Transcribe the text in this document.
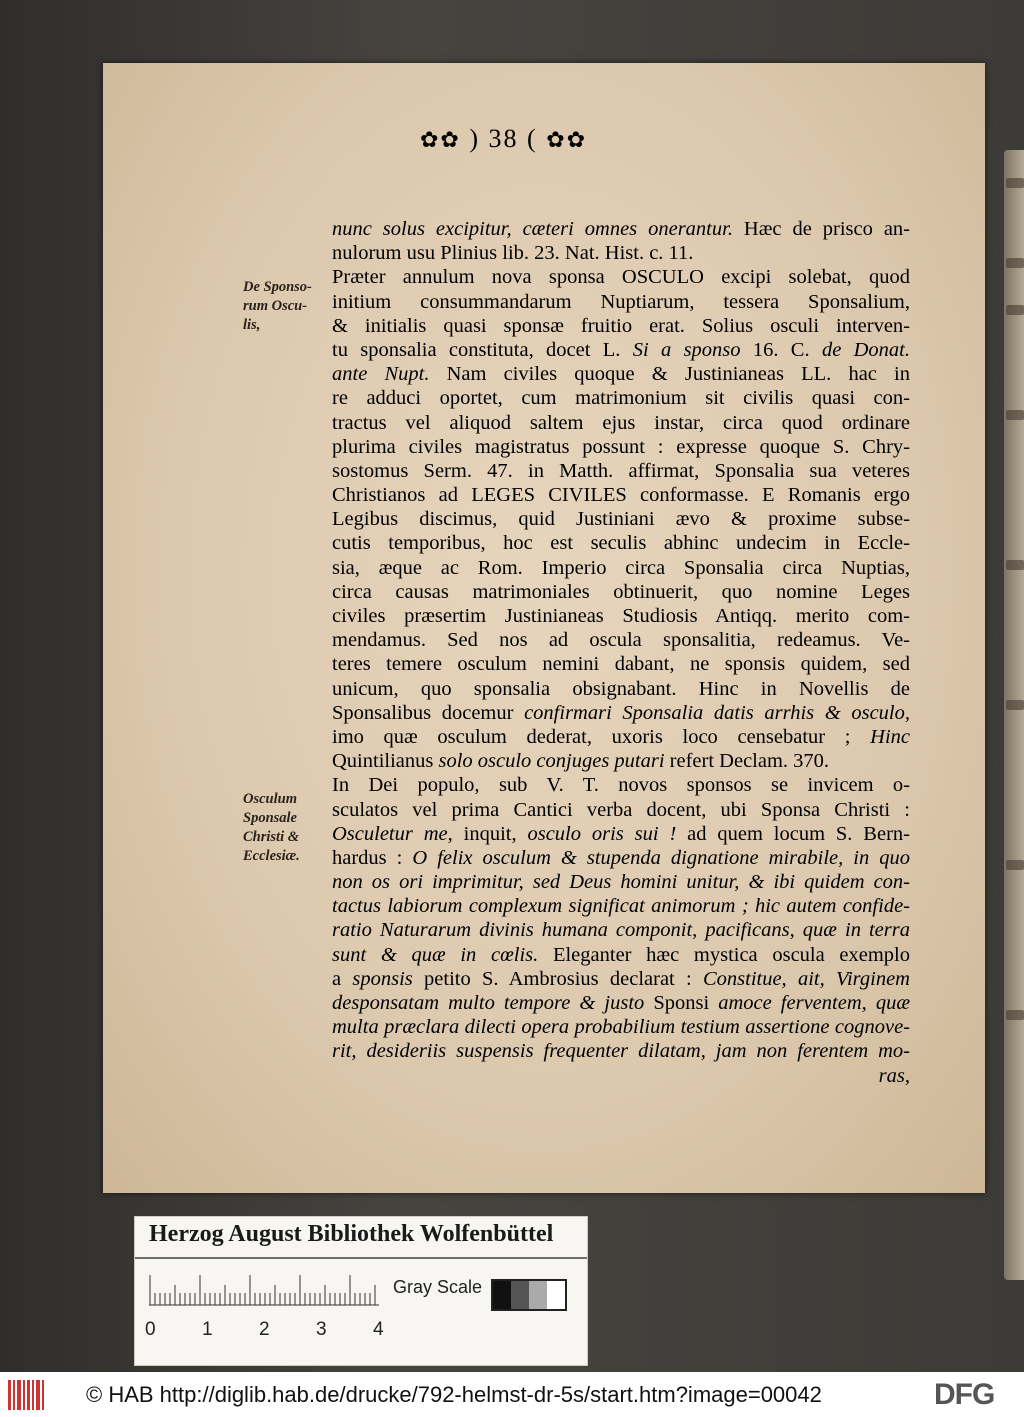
✿✿ ) 38 ( ✿✿
nunc solus excipitur, cæteri omnes onerantur. Hæc de prisco an-
nulorum usu Plinius lib. 23. Nat. Hist. c. 11.
Præter annulum nova sponsa OSCULO excipi solebat, quod
initium consummandarum Nuptiarum, tessera Sponsalium,
& initialis quasi sponsæ fruitio erat. Solius osculi interven-
tu sponsalia constituta, docet L. Si a sponso 16. C. de Donat.
ante Nupt. Nam civiles quoque & Justinianeas LL. hac in
re adduci oportet, cum matrimonium sit civilis quasi con-
tractus vel aliquod saltem ejus instar, circa quod ordinare
plurima civiles magistratus possunt : expresse quoque S. Chry-
sostomus Serm. 47. in Matth. affirmat, Sponsalia sua veteres
Christianos ad LEGES CIVILES conformasse. E Romanis ergo
Legibus discimus, quid Justiniani ævo & proxime subse-
cutis temporibus, hoc est seculis abhinc undecim in Eccle-
sia, æque ac Rom. Imperio circa Sponsalia circa Nuptias,
circa causas matrimoniales obtinuerit, quo nomine Leges
civiles præsertim Justinianeas Studiosis Antiqq. merito com-
mendamus. Sed nos ad oscula sponsalitia, redeamus. Ve-
teres temere osculum nemini dabant, ne sponsis quidem, sed
unicum, quo sponsalia obsignabant. Hinc in Novellis de
Sponsalibus docemur confirmari Sponsalia datis arrhis & osculo,
imo quæ osculum dederat, uxoris loco censebatur ; Hinc
Quintilianus solo osculo conjuges putari refert Declam. 370.
In Dei populo, sub V. T. novos sponsos se invicem o-
sculatos vel prima Cantici verba docent, ubi Sponsa Christi :
Osculetur me, inquit, osculo oris sui ! ad quem locum S. Bern-
hardus : O felix osculum & stupenda dignatione mirabile, in quo
non os ori imprimitur, sed Deus homini unitur, & ibi quidem con-
tactus labiorum complexum significat animorum ; hic autem confide-
ratio Naturarum divinis humana componit, pacificans, quæ in terra
sunt & quæ in cœlis. Eleganter hæc mystica oscula exemplo
a sponsis petito S. Ambrosius declarat : Constitue, ait, Virginem
desponsatam multo tempore & justo Sponsi amoce ferventem, quæ
multa præclara dilecti opera probabilium testium assertione cognove-
rit, desideriis suspensis frequenter dilatam, jam non ferentem mo-
ras,
De Sponso-
rum Oscu-
lis,
Osculum
Sponsale
Christi &
Ecclesiæ.
Herzog August Bibliothek Wolfenbüttel
Gray Scale
0 1 2 3 4
© HAB http://diglib.hab.de/drucke/792-helmst-dr-5s/start.htm?image=00042	DFG
